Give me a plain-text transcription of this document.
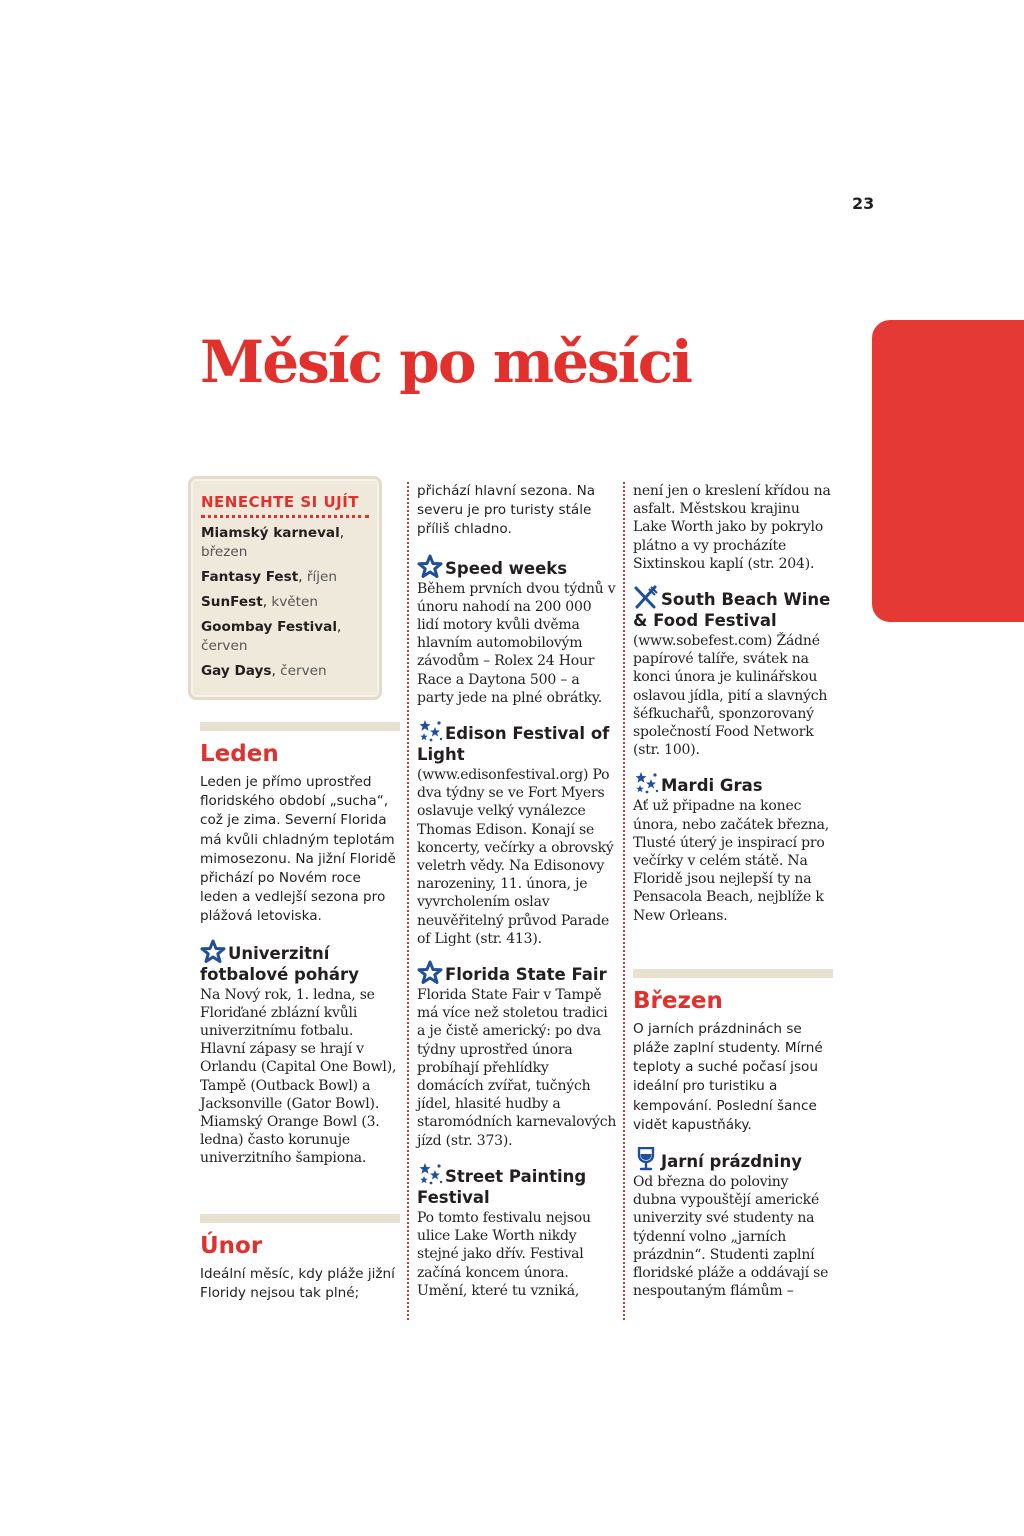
23
Měsíc po měsíci
NENECHTE SI UJÍT

Miamský karneval, březen

Fantasy Fest, říjen

SunFest, květen

Goombay Festival, červen

Gay Days, červen

Leden

Leden je přímo uprostřed floridského období „sucha“, což je zima. Severní Florida má kvůli chladným teplotám mimosezonu. Na jižní Floridě přichází po Novém roce leden a vedlejší sezona pro plážová letoviska.

Univerzitní fotbalové poháry

Na Nový rok, 1. ledna, se Floriďané zblázní kvůli univerzitnímu fotbalu. Hlavní zápasy se hrají v Orlandu (Capital One Bowl), Tampě (Outback Bowl) a Jacksonville (Gator Bowl). Miamský Orange Bowl (3. ledna) často korunuje univerzitního šampiona.

Únor

Ideální měsíc, kdy pláže jižní Floridy nejsou tak plné;

přichází hlavní sezona. Na severu je pro turisty stále příliš chladno.

Speed weeks

Během prvních dvou týdnů v únoru nahodí na 200 000 lidí motory kvůli dvěma hlavním automobilovým závodům – Rolex 24 Hour Race a Daytona 500 – a party jede na plné obrátky.

Edison Festival of Light

(www.edisonfestival.org) Po dva týdny se ve Fort Myers oslavuje velký vynálezce Thomas Edison. Konají se koncerty, večírky a obrovský veletrh vědy. Na Edisonovy narozeniny, 11. února, je vyvrcholením oslav neuvěřitelný průvod Parade of Light (str. 413).

Florida State Fair

Florida State Fair v Tampě má více než stoletou tradici a je čistě americký: po dva týdny uprostřed února probíhají přehlídky domácích zvířat, tučných jídel, hlasité hudby a staromódních karnevalových jízd (str. 373).

Street Painting Festival

Po tomto festivalu nejsou ulice Lake Worth nikdy stejné jako dřív. Festival začíná koncem února. Umění, které tu vzniká,

není jen o kreslení křídou na asfalt. Městskou krajinu Lake Worth jako by pokrylo plátno a vy procházíte Sixtinskou kaplí (str. 204).

South Beach Wine & Food Festival

(www.sobefest.com) Žádné papírové talíře, svátek na konci února je kulinářskou oslavou jídla, pití a slavných šéfkuchařů, sponzorovaný společností Food Network (str. 100).

Mardi Gras

Ať už připadne na konec února, nebo začátek března, Tlusté úterý je inspirací pro večírky v celém státě. Na Floridě jsou nejlepší ty na Pensacola Beach, nejblíže k New Orleans.

Březen

O jarních prázdninách se pláže zaplní studenty. Mírné teploty a suché počasí jsou ideální pro turistiku a kempování. Poslední šance vidět kapustňáky.

Jarní prázdniny

Od března do poloviny dubna vypouštějí americké univerzity své studenty na týdenní volno „jarních prázdnin“. Studenti zaplní floridské pláže a oddávají se nespoutaným flámům –
